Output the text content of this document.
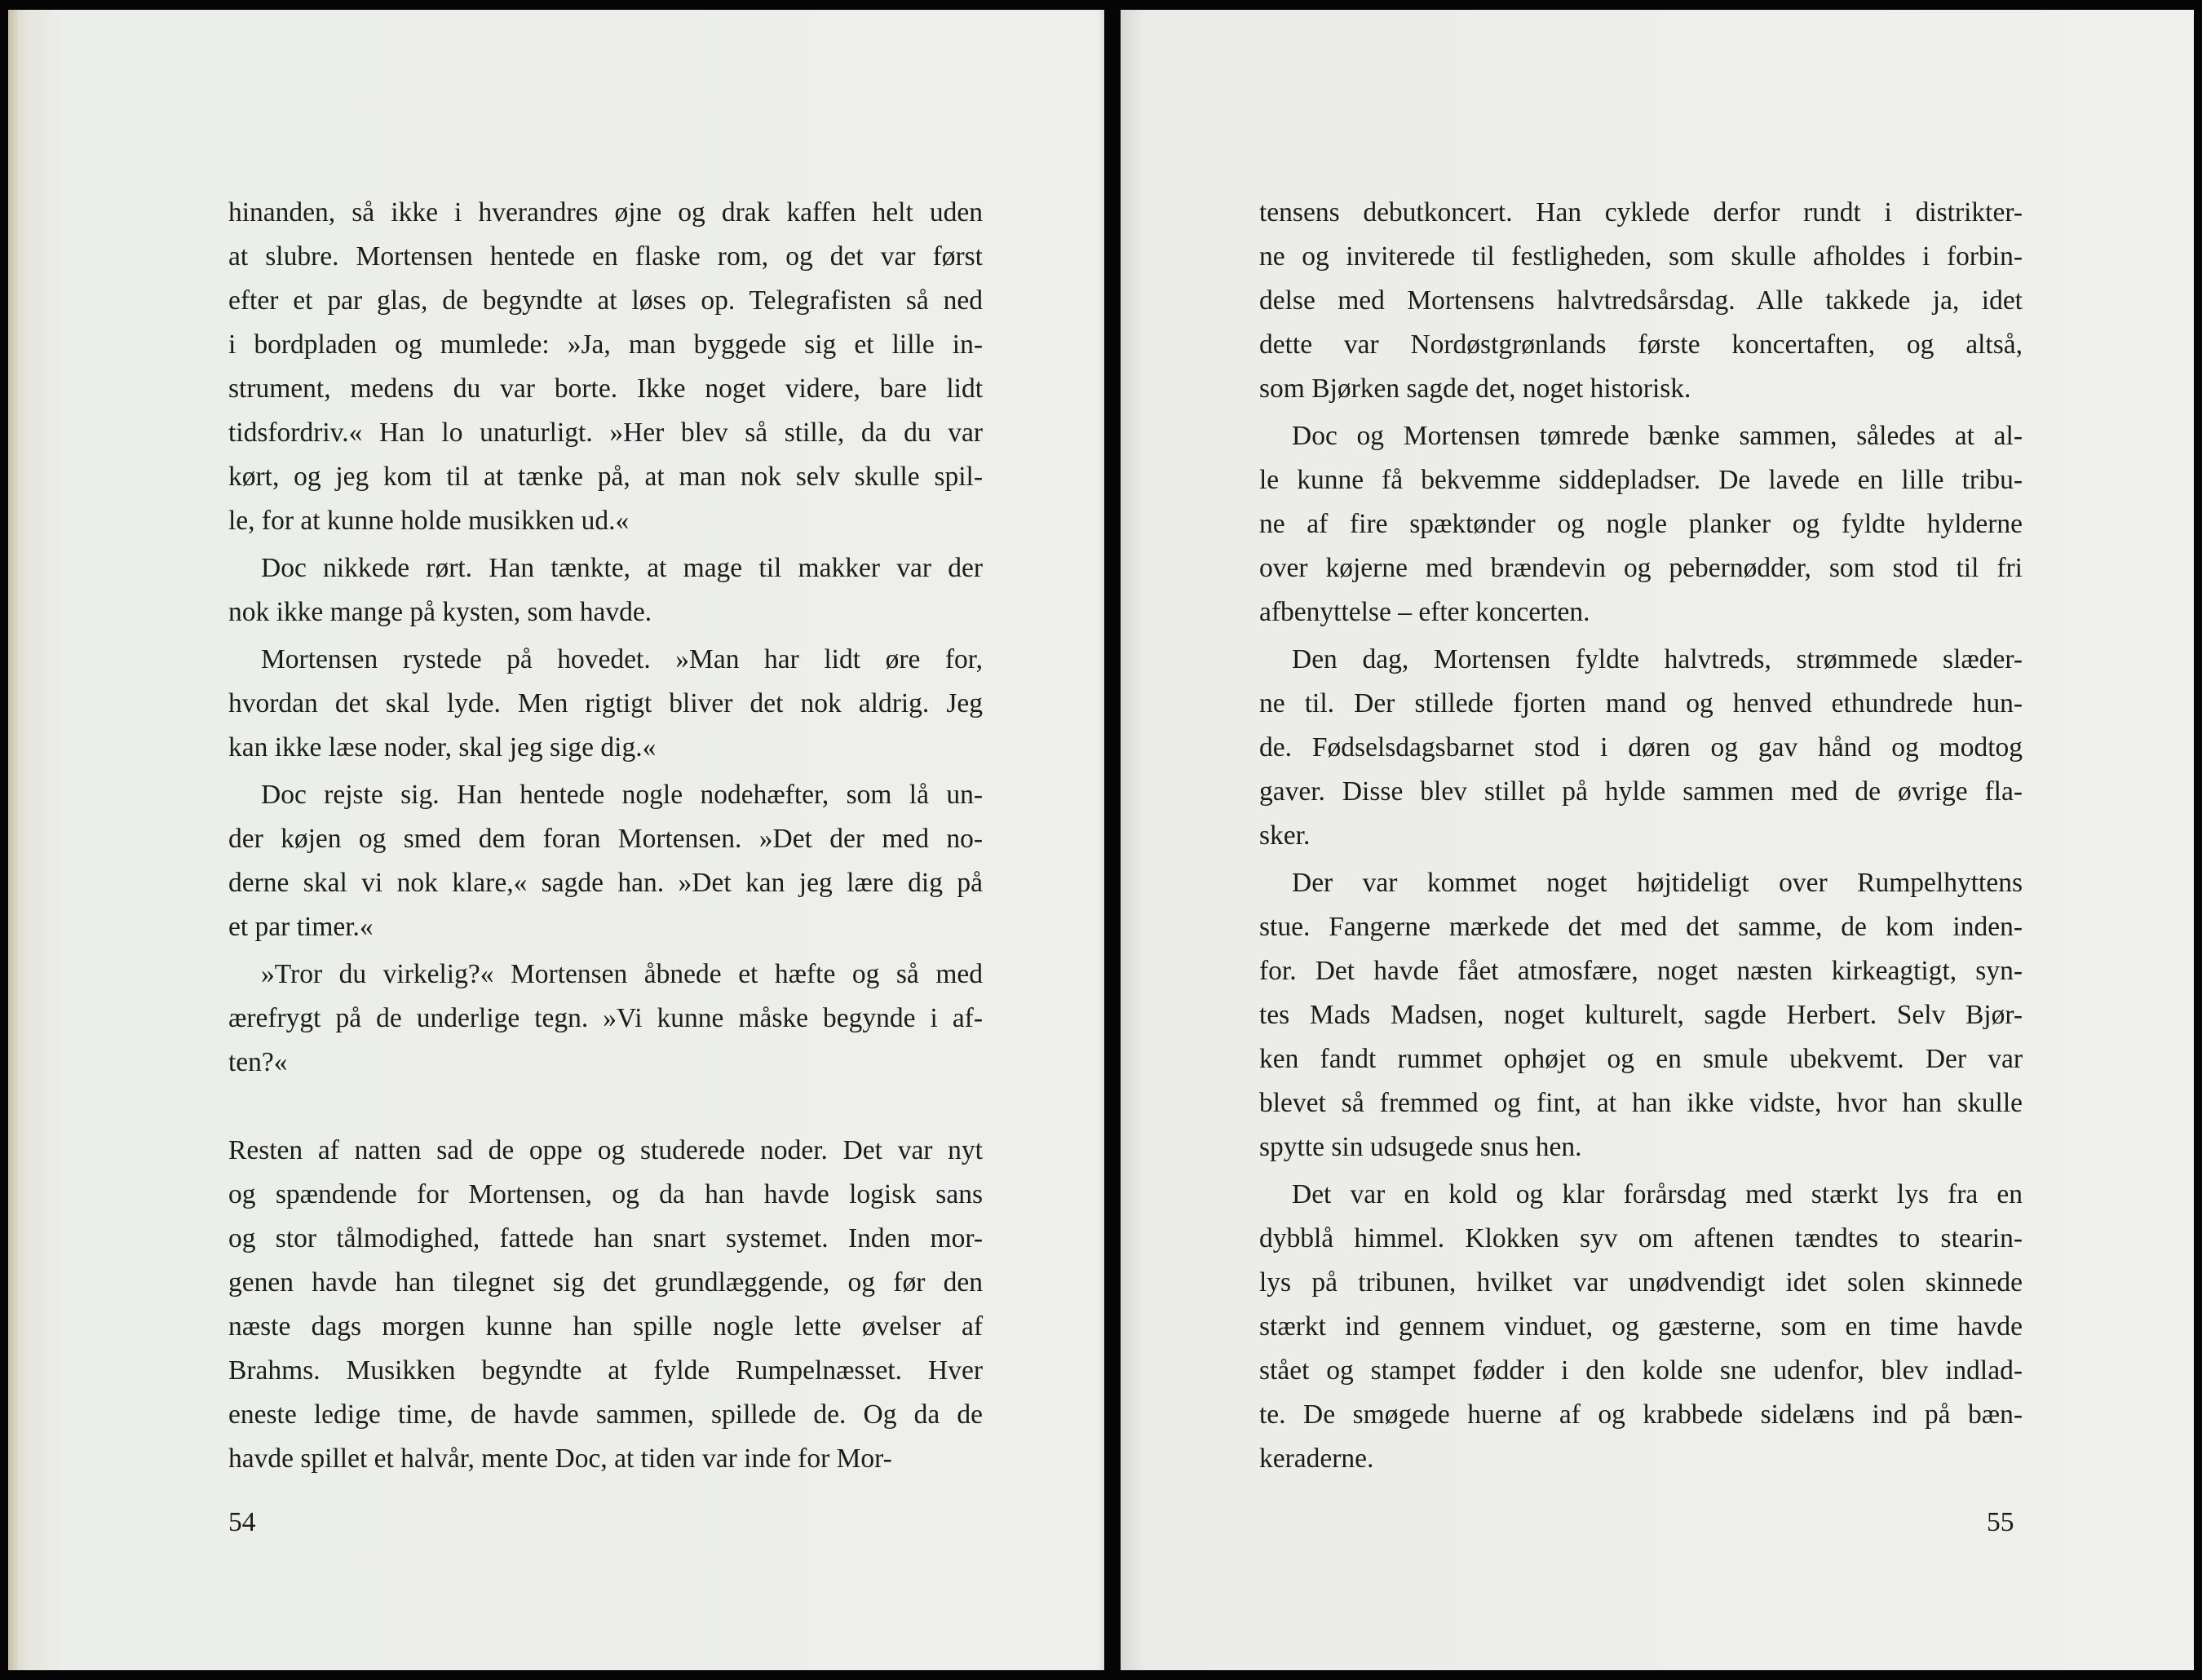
hinanden, så ikke i hverandres øjne og drak kaffen helt uden
at slubre. Mortensen hentede en flaske rom, og det var først
efter et par glas, de begyndte at løses op. Telegrafisten så ned
i bordpladen og mumlede: »Ja, man byggede sig et lille in-
strument, medens du var borte. Ikke noget videre, bare lidt
tidsfordriv.« Han lo unaturligt. »Her blev så stille, da du var
kørt, og jeg kom til at tænke på, at man nok selv skulle spil-
le, for at kunne holde musikken ud.«
Doc nikkede rørt. Han tænkte, at mage til makker var der
nok ikke mange på kysten, som havde.
Mortensen rystede på hovedet. »Man har lidt øre for,
hvordan det skal lyde. Men rigtigt bliver det nok aldrig. Jeg
kan ikke læse noder, skal jeg sige dig.«
Doc rejste sig. Han hentede nogle nodehæfter, som lå un-
der køjen og smed dem foran Mortensen. »Det der med no-
derne skal vi nok klare,« sagde han. »Det kan jeg lære dig på
et par timer.«
»Tror du virkelig?« Mortensen åbnede et hæfte og så med
ærefrygt på de underlige tegn. »Vi kunne måske begynde i af-
ten?«
Resten af natten sad de oppe og studerede noder. Det var nyt
og spændende for Mortensen, og da han havde logisk sans
og stor tålmodighed, fattede han snart systemet. Inden mor-
genen havde han tilegnet sig det grundlæggende, og før den
næste dags morgen kunne han spille nogle lette øvelser af
Brahms. Musikken begyndte at fylde Rumpelnæsset. Hver
eneste ledige time, de havde sammen, spillede de. Og da de
havde spillet et halvår, mente Doc, at tiden var inde for Mor-
54
tensens debutkoncert. Han cyklede derfor rundt i distrikter-
ne og inviterede til festligheden, som skulle afholdes i forbin-
delse med Mortensens halvtredsårsdag. Alle takkede ja, idet
dette var Nordøstgrønlands første koncertaften, og altså,
som Bjørken sagde det, noget historisk.
Doc og Mortensen tømrede bænke sammen, således at al-
le kunne få bekvemme siddepladser. De lavede en lille tribu-
ne af fire spæktønder og nogle planker og fyldte hylderne
over køjerne med brændevin og pebernødder, som stod til fri
afbenyttelse – efter koncerten.
Den dag, Mortensen fyldte halvtreds, strømmede slæder-
ne til. Der stillede fjorten mand og henved ethundrede hun-
de. Fødselsdagsbarnet stod i døren og gav hånd og modtog
gaver. Disse blev stillet på hylde sammen med de øvrige fla-
sker.
Der var kommet noget højtideligt over Rumpelhyttens
stue. Fangerne mærkede det med det samme, de kom inden-
for. Det havde fået atmosfære, noget næsten kirkeagtigt, syn-
tes Mads Madsen, noget kulturelt, sagde Herbert. Selv Bjør-
ken fandt rummet ophøjet og en smule ubekvemt. Der var
blevet så fremmed og fint, at han ikke vidste, hvor han skulle
spytte sin udsugede snus hen.
Det var en kold og klar forårsdag med stærkt lys fra en
dybblå himmel. Klokken syv om aftenen tændtes to stearin-
lys på tribunen, hvilket var unødvendigt idet solen skinnede
stærkt ind gennem vinduet, og gæsterne, som en time havde
stået og stampet fødder i den kolde sne udenfor, blev indlad-
te. De smøgede huerne af og krabbede sidelæns ind på bæn-
keraderne.
55
